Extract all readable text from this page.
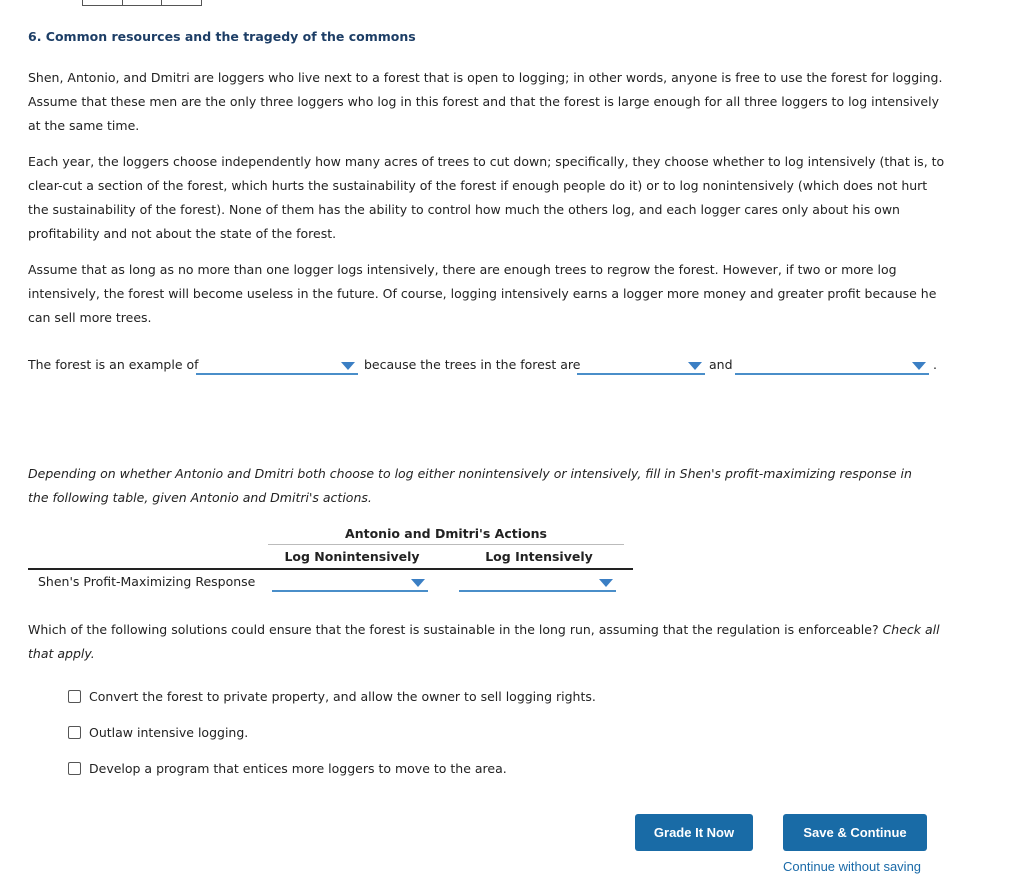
6. Common resources and the tragedy of the commons
Shen, Antonio, and Dmitri are loggers who live next to a forest that is open to logging; in other words, anyone is free to use the forest for logging. Assume that these men are the only three loggers who log in this forest and that the forest is large enough for all three loggers to log intensively at the same time.
Each year, the loggers choose independently how many acres of trees to cut down; specifically, they choose whether to log intensively (that is, to clear-cut a section of the forest, which hurts the sustainability of the forest if enough people do it) or to log nonintensively (which does not hurt the sustainability of the forest). None of them has the ability to control how much the others log, and each logger cares only about his own profitability and not about the state of the forest.
Assume that as long as no more than one logger logs intensively, there are enough trees to regrow the forest. However, if two or more log intensively, the forest will become useless in the future. Of course, logging intensively earns a logger more money and greater profit because he can sell more trees.
The forest is an example of	because the trees in the forest are	and	.
Depending on whether Antonio and Dmitri both choose to log either nonintensively or intensively, fill in Shen's profit-maximizing response in the following table, given Antonio and Dmitri's actions.
Antonio and Dmitri's Actions
Log Nonintensively	Log Intensively
Shen's Profit-Maximizing Response
Which of the following solutions could ensure that the forest is sustainable in the long run, assuming that the regulation is enforceable? Check all that apply.
Convert the forest to private property, and allow the owner to sell logging rights.
Outlaw intensive logging.
Develop a program that entices more loggers to move to the area.
Grade It Now	Save & Continue
Continue without saving
